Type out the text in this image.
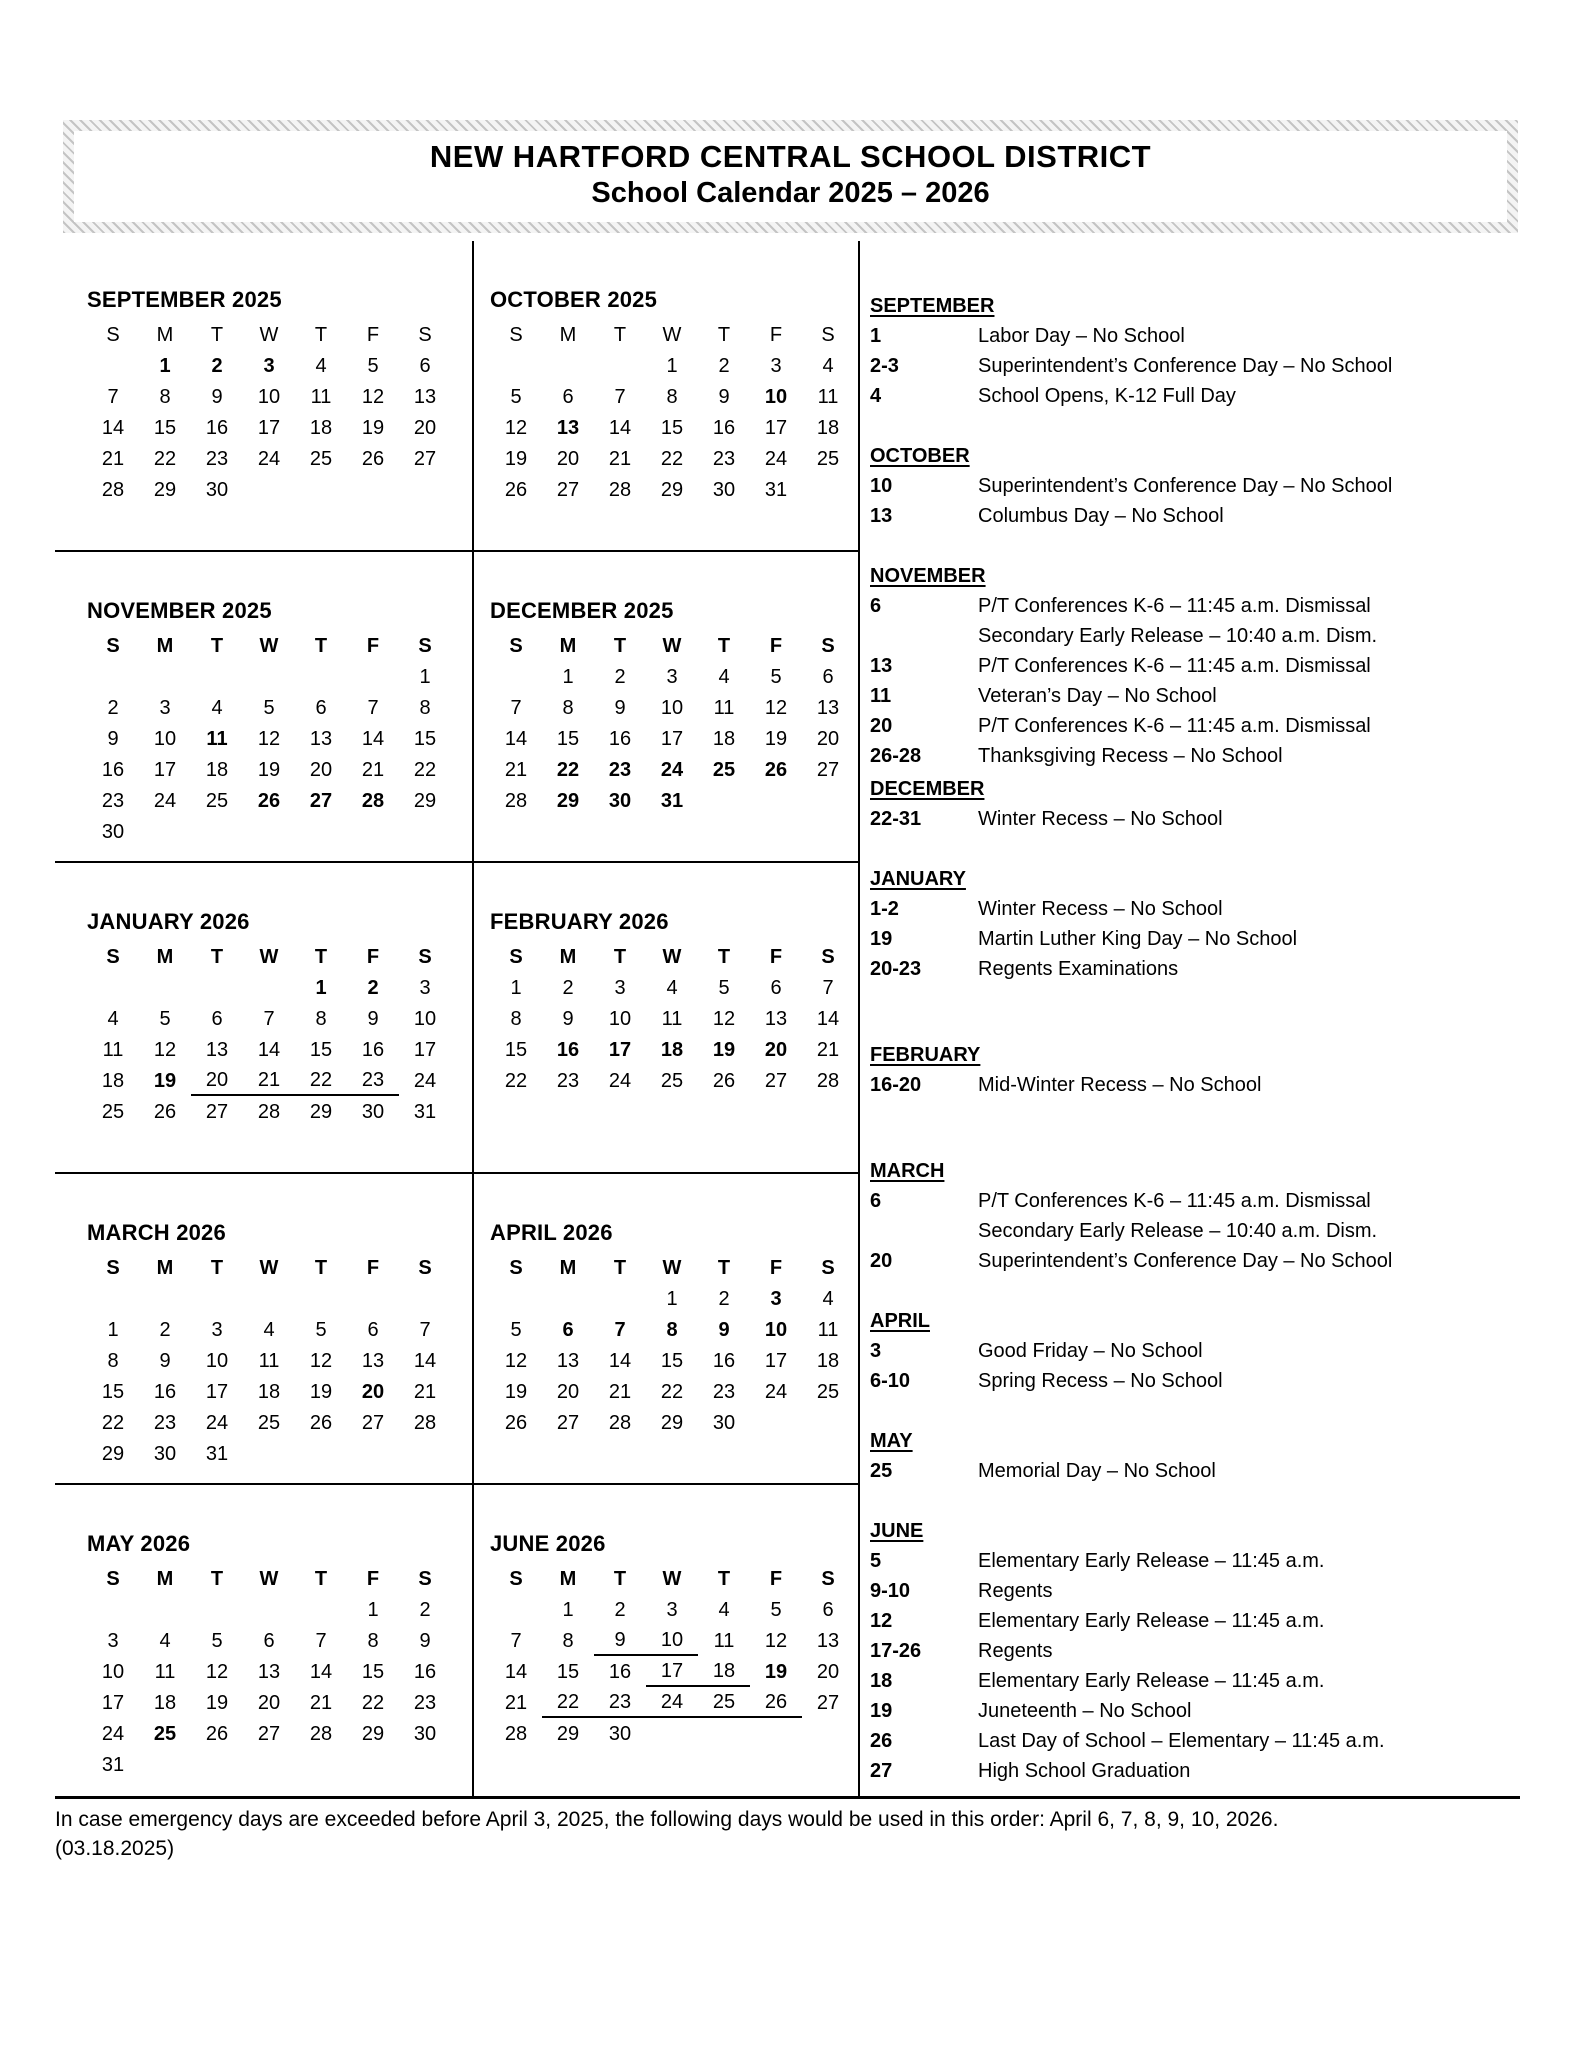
NEW HARTFORD CENTRAL SCHOOL DISTRICT
School Calendar 2025 – 2026
SEPTEMBER 2025
S	M	T	W	T	F	S
	1	2	3	4	5	6
7	8	9	10	11	12	13
14	15	16	17	18	19	20
21	22	23	24	25	26	27
28	29	30				
OCTOBER 2025
S	M	T	W	T	F	S
			1	2	3	4
5	6	7	8	9	10	11
12	13	14	15	16	17	18
19	20	21	22	23	24	25
26	27	28	29	30	31	
NOVEMBER 2025
S	M	T	W	T	F	S
						1
2	3	4	5	6	7	8
9	10	11	12	13	14	15
16	17	18	19	20	21	22
23	24	25	26	27	28	29
30						
DECEMBER 2025
S	M	T	W	T	F	S
	1	2	3	4	5	6
7	8	9	10	11	12	13
14	15	16	17	18	19	20
21	22	23	24	25	26	27
28	29	30	31			
JANUARY 2026
S	M	T	W	T	F	S
				1	2	3
4	5	6	7	8	9	10
11	12	13	14	15	16	17
18	19	20	21	22	23	24
25	26	27	28	29	30	31
FEBRUARY 2026
S	M	T	W	T	F	S
1	2	3	4	5	6	7
8	9	10	11	12	13	14
15	16	17	18	19	20	21
22	23	24	25	26	27	28
MARCH 2026
S	M	T	W	T	F	S

1	2	3	4	5	6	7
8	9	10	11	12	13	14
15	16	17	18	19	20	21
22	23	24	25	26	27	28
29	30	31				
APRIL 2026
S	M	T	W	T	F	S
			1	2	3	4
5	6	7	8	9	10	11
12	13	14	15	16	17	18
19	20	21	22	23	24	25
26	27	28	29	30		
MAY 2026
S	M	T	W	T	F	S
					1	2
3	4	5	6	7	8	9
10	11	12	13	14	15	16
17	18	19	20	21	22	23
24	25	26	27	28	29	30
31						
JUNE 2026
S	M	T	W	T	F	S
	1	2	3	4	5	6
7	8	9	10	11	12	13
14	15	16	17	18	19	20
21	22	23	24	25	26	27
28	29	30				
SEPTEMBER
1	Labor Day – No School
2-3	Superintendent’s Conference Day – No School
4	School Opens, K-12 Full Day
OCTOBER
10	Superintendent’s Conference Day – No School
13	Columbus Day – No School
NOVEMBER
6	P/T Conferences K-6 – 11:45 a.m. Dismissal
Secondary Early Release – 10:40 a.m. Dism.
13	P/T Conferences K-6 – 11:45 a.m. Dismissal
11	Veteran’s Day – No School
20	P/T Conferences K-6 – 11:45 a.m. Dismissal
26-28	Thanksgiving Recess – No School
DECEMBER
22-31	Winter Recess – No School
JANUARY
1-2	Winter Recess – No School
19	Martin Luther King Day – No School
20-23	Regents Examinations
FEBRUARY
16-20	Mid-Winter Recess – No School
MARCH
6	P/T Conferences K-6 – 11:45 a.m. Dismissal
Secondary Early Release – 10:40 a.m. Dism.
20	Superintendent’s Conference Day – No School
APRIL
3	Good Friday – No School
6-10	Spring Recess – No School
MAY
25	Memorial Day – No School
JUNE
5	Elementary Early Release – 11:45 a.m.
9-10	Regents
12	Elementary Early Release – 11:45 a.m.
17-26	Regents
18	Elementary Early Release – 11:45 a.m.
19	Juneteenth – No School
26	Last Day of School – Elementary – 11:45 a.m.
27	High School Graduation
In case emergency days are exceeded before April 3, 2025, the following days would be used in this order: April 6, 7, 8, 9, 10, 2026.
(03.18.2025)
